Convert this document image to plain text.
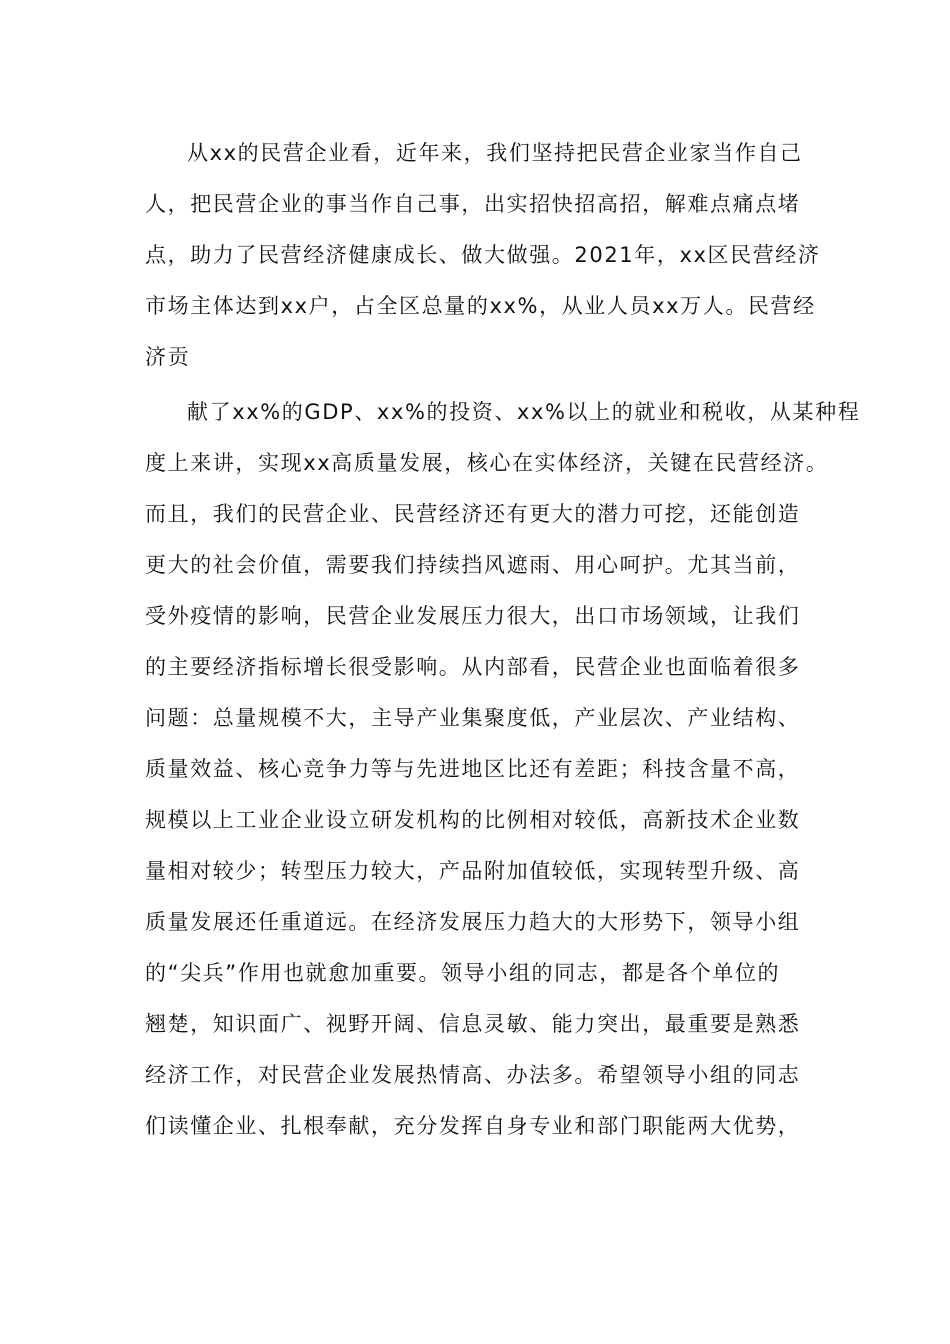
从xx的民营企业看，近年来，我们坚持把民营企业家当作自己
人，把民营企业的事当作自己事，出实招快招高招，解难点痛点堵
点，助力了民营经济健康成长、做大做强。2021年，xx区民营经济
市场主体达到xx户，占全区总量的xx%，从业人员xx万人。民营经
济贡
献了xx%的GDP、xx%的投资、xx%以上的就业和税收，从某种程
度上来讲，实现xx高质量发展，核心在实体经济，关键在民营经济。
而且，我们的民营企业、民营经济还有更大的潜力可挖，还能创造
更大的社会价值，需要我们持续挡风遮雨、用心呵护。尤其当前，
受外疫情的影响，民营企业发展压力很大，出口市场领域，让我们
的主要经济指标增长很受影响。从内部看，民营企业也面临着很多
问题：总量规模不大，主导产业集聚度低，产业层次、产业结构、
质量效益、核心竞争力等与先进地区比还有差距；科技含量不高，
规模以上工业企业设立研发机构的比例相对较低，高新技术企业数
量相对较少；转型压力较大，产品附加值较低，实现转型升级、高
质量发展还任重道远。在经济发展压力趋大的大形势下，领导小组
的“尖兵”作用也就愈加重要。领导小组的同志，都是各个单位的
翘楚，知识面广、视野开阔、信息灵敏、能力突出，最重要是熟悉
经济工作，对民营企业发展热情高、办法多。希望领导小组的同志
们读懂企业、扎根奉献，充分发挥自身专业和部门职能两大优势，
